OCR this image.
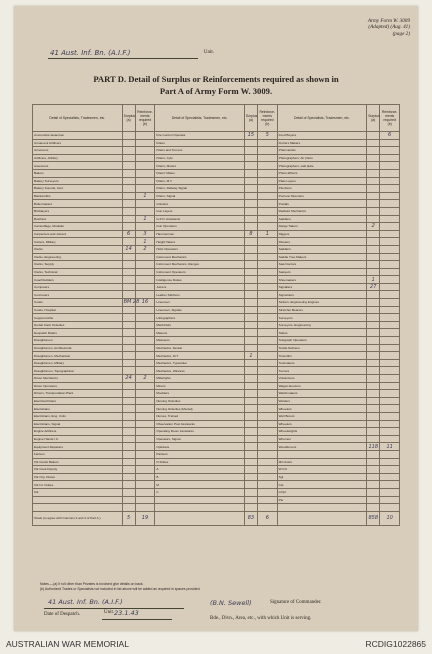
Army Form W. 3009
(Adapted) (Aug. 41)
(page 2)
41 Aust. Inf. Bn. (A.I.F.)	Unit.
PART D. Detail of Surplus or Reinforcements required as shown in
Part A of Army Form W. 3009.
Detail of Specialists, Tradesmen, etc.	Surplus (a)	Reinforce- ments required (b)	Detail of Specialists, Tradesmen, etc.	Surplus (a)	Reinforce- ments required (b)	Detail of Specialists, Tradesmen, etc.	Surplus (a)	Reinforce- ments required (b)
Ammunition Examiner			Fire Control Operator	15	5	Food Buyers		6
Armament Artificers			Fitters			Fruiters Makers		
Armourers			Fitters and Turners			Pharmacists		
Artificers, Artillery			Fitters, Cyle			Photographers, Air photo		
Assessors			Fitters, Motors			Photographers, wall plate		
Bakers			Fitters' Mates			Photo-Writers		
Battery Surveyors			Fitters, M.T.			Plate Layers		
Battery Sounds, Asst.			Fitters, Railway Signal			Plumbers		
Blacksmiths		1	Fitters, Signal			Pontoon Mounters		
Boilermakers			Grinders			Postals		
Bricklayers			Gun Layers			Radiator Mechanics		
Butchers		1	G.P.O. Assistants			Saddlers		
Camouflage, Modeller			Gun Operators			Range Takers	2	
Carpenters and Joiners	6	3	Hammermen	8	1	Riggers		
Carters, Military		1	Height Takers			Riveters		
Clerks	14	2	Hollo Operators			Saddlers		
Clerks, Engineering			Instrument Mechanics			Saddle Tree Makers		
Clerks, Supply			Instrument Mechanics, Ranges			Saw Doctors		
Clerks, Technical			Instrument Operators			Sawyers		
Coachbuilders			Intelligence Duties			Shoemakers	1	
Computers			Joiners			Signallers	27	
Concreters			Leather Stitchers			Signwriters		
Cooks	BM 28	16	Linesmen			Sickers, Engineering Engines		
Cooks, Hospital			Linesmen, Signals			Stretcher Bearers		
Coppersmiths			Lithographers			Surveyors		
Dental Clerk Orderlies			Machinists			Surveyors, Engineering		
Despatch Riders			Masons			Tailors		
Draughtsmen			Masseurs			Telegraph Operators		
Draughtsmen, Architectural			Mechanics, Dental			Textile Refiners		
Draughtsmen, Mechanical			Mechanics, M.T.	1		Tinsmiths		
Draughtsmen, Military			Mechanics, Typewriter			Toolmakers		
Draughtsmen, Topographical			Mechanics, Wireless			Turners		
Driver Mechanics	24	2	Millwrights			Vulcanizers		
Driver Operators			Miners			Wagon Erectors		
Drivers, Transportation Plant			Moulders			Watchmakers		
Electrical Fitters			Nursing Orderlies			Welders		
Electricians			Nursing Orderlies (Mental)			Wheelers		
Electricians, Eng. Units			Nurses, Trained			Well Borers		
Electricians, Signal			Observation Post Assistants			Wheelers		
Engine Artificers			Operating Room Assistants			Wheelwrights		
Engine Hands I.C.			Operators, Signal			Wiremen		
Equipment Repairers			Opticians			Woodturners	118	11
Farriers			Painters					
Clk Cooks Bakers			O Duties			MO Assts		
Clk Cook Deputy			A			W.O.II		
Clk Org. Duties			B			Sgt		
Clk Int. Duties			M			Cpl		
Clk			C			L/Cpl		
						Pte		

Totals (to agree with Columns 2 and 4 of Part A.)	5	19		83	6		858	10
Notes.—(a) If roll other than Privates is involved give details on back.
(b) Authorized Trades or Specialists not included in list above will be added as required in spaces provided.
41 Aust. Inf. Bn. (A.I.F.)
Unit.
(B.N. Sewell)	Signature of Commander.
Date of Despatch.	23.1.43
Bde., Divn., Area, etc., with which Unit is serving.
AUSTRALIAN WAR MEMORIAL	RCDIG1022865
